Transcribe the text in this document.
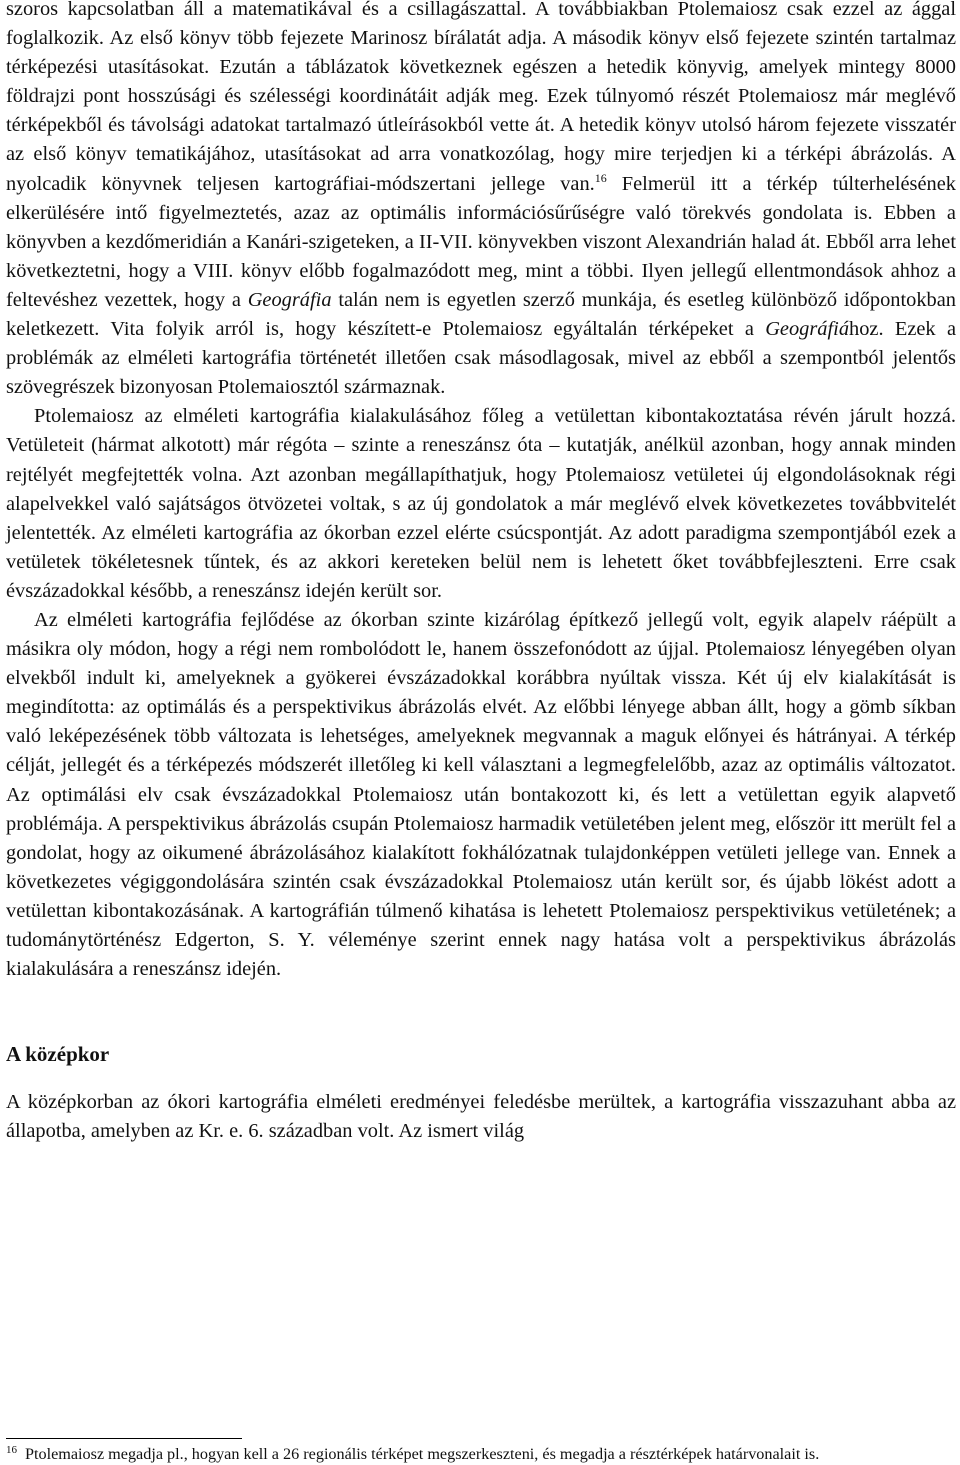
szoros kapcsolatban áll a matematikával és a csillagászattal. A továbbiakban Ptolemaiosz csak ezzel az ággal foglalkozik. Az első könyv több fejezete Marinosz bírálatát adja. A második könyv első fejezete szintén tartalmaz térképezési utasításokat. Ezután a táblázatok következnek egészen a hetedik könyvig, amelyek mintegy 8000 földrajzi pont hosszúsági és szélességi koordinátáit adják meg. Ezek túlnyomó részét Ptolemaiosz már meglévő térképekből és távolsági adatokat tartalmazó útleírásokból vette át. A hetedik könyv utolsó három fejezete visszatér az első könyv tematikájához, utasításokat ad arra vonatkozólag, hogy mire terjedjen ki a térképi ábrázolás. A nyolcadik könyvnek teljesen kartográfiai-módszertani jellege van.$^{16}$ Felmerül itt a térkép túlterhelésének elkerülésére intő figyelmeztetés, azaz az optimális információsűrűségre való törekvés gondolata is. Ebben a könyvben a kezdőmeridián a Kanári-szigeteken, a II-VII. könyvekben viszont Alexandrián halad át. Ebből arra lehet következtetni, hogy a VIII. könyv előbb fogalmazódott meg, mint a többi. Ilyen jellegű ellentmondások ahhoz a feltevéshez vezettek, hogy a Geográfia talán nem is egyetlen szerző munkája, és esetleg különböző időpontokban keletkezett. Vita folyik arról is, hogy készített-e Ptolemaiosz egyáltalán térképeket a Geográfiához. Ezek a problémák az elméleti kartográfia történetét illetően csak másodlagosak, mivel az ebből a szempontból jelentős szövegrészek bizonyosan Ptolemaiosztól származnak.

Ptolemaiosz az elméleti kartográfia kialakulásához főleg a vetülettan kibontakoztatása révén járult hozzá. Vetületeit (hármat alkotott) már régóta – szinte a reneszánsz óta – kutatják, anélkül azonban, hogy annak minden rejtélyét megfejtették volna. Azt azonban megállapíthatjuk, hogy Ptolemaiosz vetületei új elgondolásoknak régi alapelvekkel való sajátságos ötvözetei voltak, s az új gondolatok a már meglévő elvek következetes továbbvitelét jelentették. Az elméleti kartográfia az ókorban ezzel elérte csúcspontját. Az adott paradigma szempontjából ezek a vetületek tökéletesnek tűntek, és az akkori kereteken belül nem is lehetett őket továbbfejleszteni. Erre csak évszázadokkal később, a reneszánsz idején került sor.

Az elméleti kartográfia fejlődése az ókorban szinte kizárólag építkező jellegű volt, egyik alapelv ráépült a másikra oly módon, hogy a régi nem rombolódott le, hanem összefonódott az újjal. Ptolemaiosz lényegében olyan elvekből indult ki, amelyeknek a gyökerei évszázadokkal korábbra nyúltak vissza. Két új elv kialakítását is megindította: az optimálás és a perspektivikus ábrázolás elvét. Az előbbi lényege abban állt, hogy a gömb síkban való leképezésének több változata is lehetséges, amelyeknek megvannak a maguk előnyei és hátrányai. A térkép célját, jellegét és a térképezés módszerét illetőleg ki kell választani a legmegfelelőbb, azaz az optimális változatot. Az optimálási elv csak évszázadokkal Ptolemaiosz után bontakozott ki, és lett a vetülettan egyik alapvető problémája. A perspektivikus ábrázolás csupán Ptolemaiosz harmadik vetületében jelent meg, először itt merült fel a gondolat, hogy az oikumené ábrázolásához kialakított fokhálózatnak tulajdonképpen vetületi jellege van. Ennek a következetes végiggondolására szintén csak évszázadokkal Ptolemaiosz után került sor, és újabb lökést adott a vetülettan kibontakozásának. A kartográfián túlmenő kihatása is lehetett Ptolemaiosz perspektivikus vetületének; a tudománytörténész Edgerton, S. Y. véleménye szerint ennek nagy hatása volt a perspektivikus ábrázolás kialakulására a reneszánsz idején.

A középkor

A középkorban az ókori kartográfia elméleti eredményei feledésbe merültek, a kartográfia visszazuhant abba az állapotba, amelyben az Kr. e. 6. században volt. Az ismert világ

$^{16}$ Ptolemaiosz megadja pl., hogyan kell a 26 regionális térképet megszerkeszteni, és megadja a résztérképek határvonalait is.
